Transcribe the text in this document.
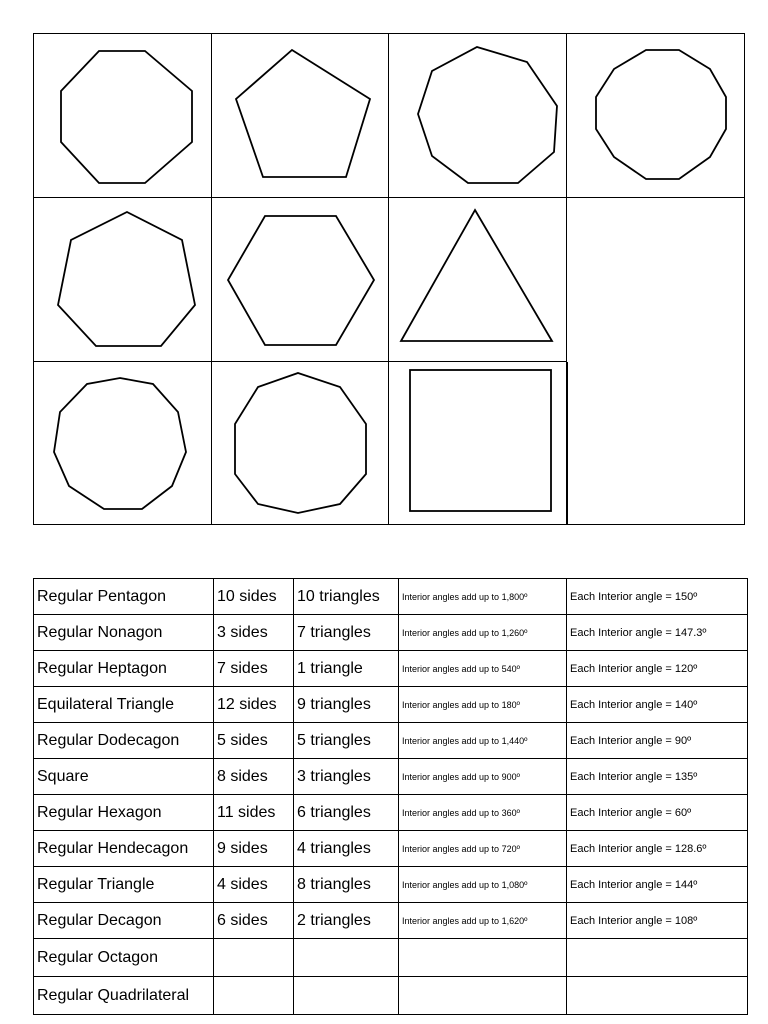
Regular Pentagon	10 sides	10 triangles	Interior angles add up to 1,800º	Each Interior angle = 150º
Regular Nonagon	3 sides	7 triangles	Interior angles add up to 1,260º	Each Interior angle = 147.3º
Regular Heptagon	7 sides	1 triangle	Interior angles add up to 540º	Each Interior angle = 120º
Equilateral Triangle	12 sides	9 triangles	Interior angles add up to 180º	Each Interior angle = 140º
Regular Dodecagon	5 sides	5 triangles	Interior angles add up to 1,440º	Each Interior angle = 90º
Square	8 sides	3 triangles	Interior angles add up to 900º	Each Interior angle = 135º
Regular Hexagon	11 sides	6 triangles	Interior angles add up to 360º	Each Interior angle = 60º
Regular Hendecagon	9 sides	4 triangles	Interior angles add up to 720º	Each Interior angle = 128.6º
Regular Triangle	4 sides	8 triangles	Interior angles add up to 1,080º	Each Interior angle = 144º
Regular Decagon	6 sides	2 triangles	Interior angles add up to 1,620º	Each Interior angle = 108º
Regular Octagon				
Regular Quadrilateral				
